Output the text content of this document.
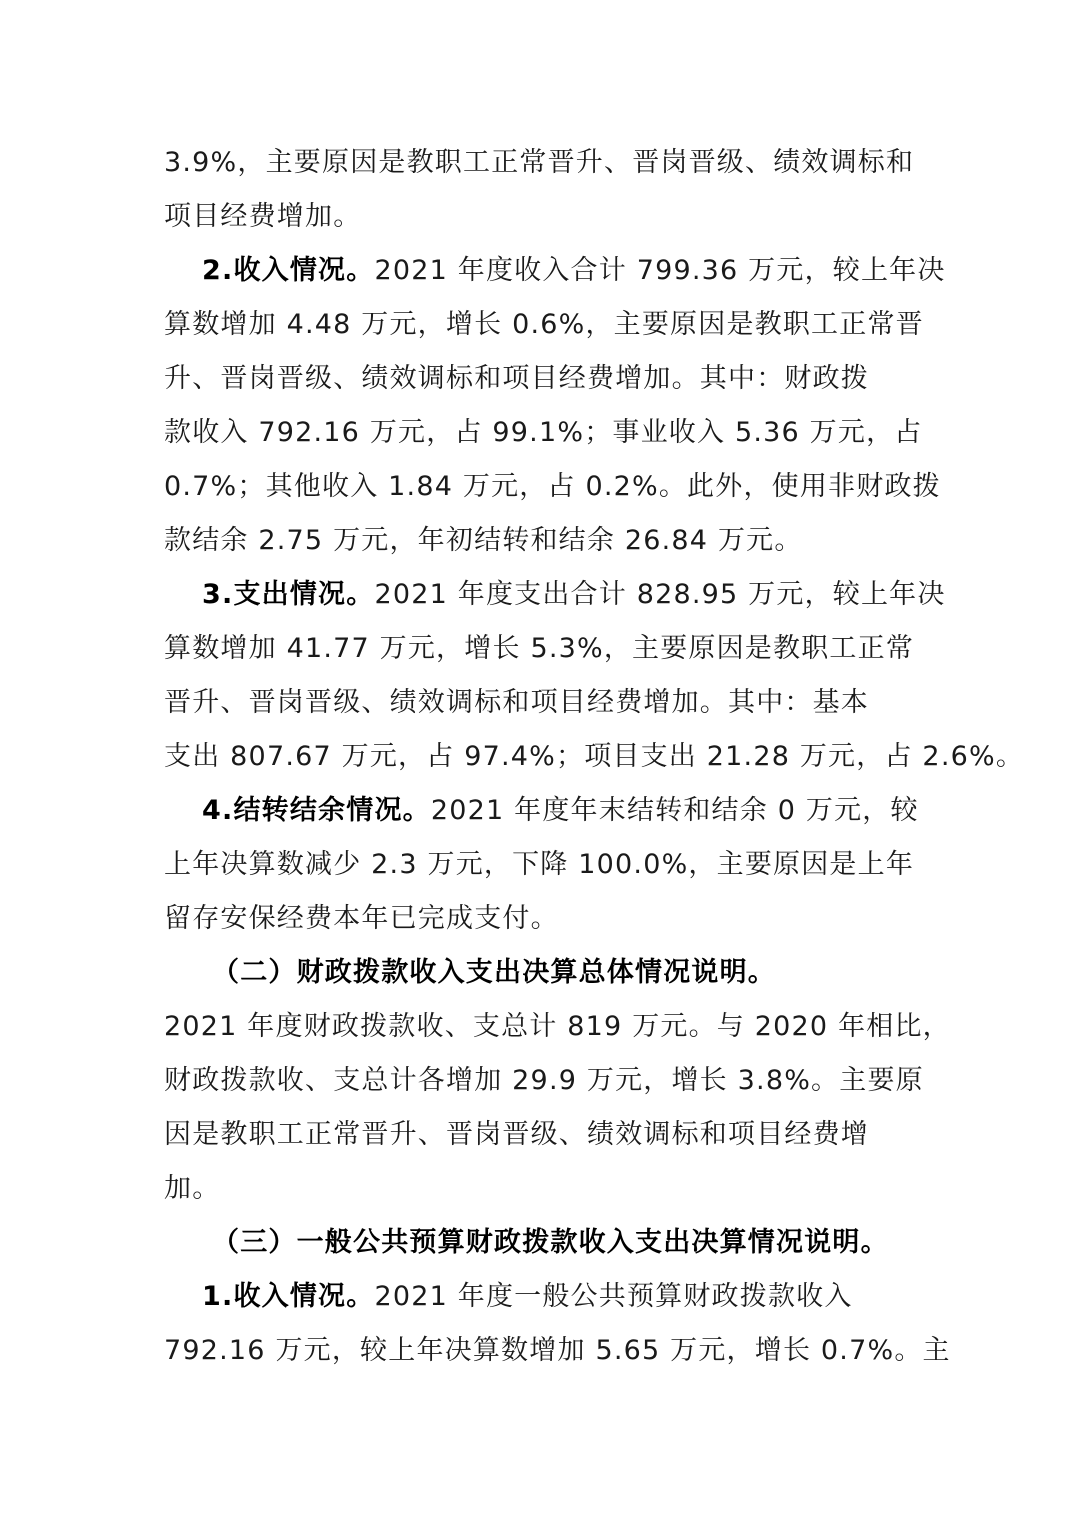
3.9%，主要原因是教职工正常晋升、晋岗晋级、绩效调标和
项目经费增加。
2.收入情况。2021 年度收入合计 799.36 万元，较上年决
算数增加 4.48 万元，增长 0.6%，主要原因是教职工正常晋
升、晋岗晋级、绩效调标和项目经费增加。其中：财政拨
款收入 792.16 万元，占 99.1%；事业收入 5.36 万元，占
0.7%；其他收入 1.84 万元，占 0.2%。此外，使用非财政拨
款结余 2.75 万元，年初结转和结余 26.84 万元。
3.支出情况。2021 年度支出合计 828.95 万元，较上年决
算数增加 41.77 万元，增长 5.3%，主要原因是教职工正常
晋升、晋岗晋级、绩效调标和项目经费增加。其中：基本
支出 807.67 万元，占 97.4%；项目支出 21.28 万元，占 2.6%。
4.结转结余情况。2021 年度年末结转和结余 0 万元，较
上年决算数减少 2.3 万元，下降 100.0%，主要原因是上年
留存安保经费本年已完成支付。
（二）财政拨款收入支出决算总体情况说明。
2021 年度财政拨款收、支总计 819 万元。与 2020 年相比，
财政拨款收、支总计各增加 29.9 万元，增长 3.8%。主要原
因是教职工正常晋升、晋岗晋级、绩效调标和项目经费增
加。
（三）一般公共预算财政拨款收入支出决算情况说明。
1.收入情况。2021 年度一般公共预算财政拨款收入
792.16 万元，较上年决算数增加 5.65 万元，增长 0.7%。主
